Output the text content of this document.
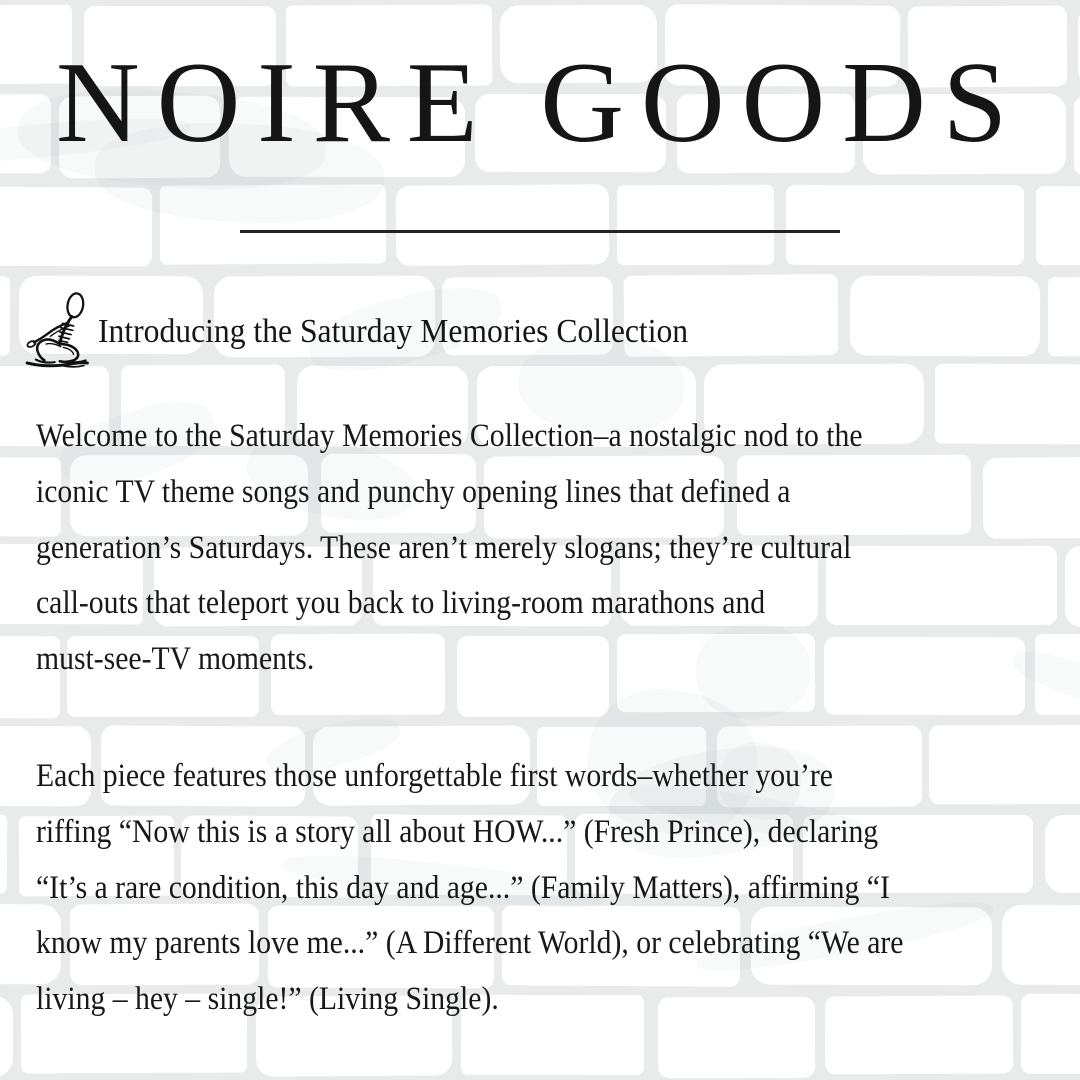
NOIRE GOODS
Introducing the Saturday Memories Collection
Welcome to the Saturday Memories Collection–a nostalgic nod to the
iconic TV theme songs and punchy opening lines that defined a
generation’s Saturdays. These aren’t merely slogans; they’re cultural
call-outs that teleport you back to living-room marathons and
must-see-TV moments.
Each piece features those unforgettable first words–whether you’re
riffing “Now this is a story all about HOW...” (Fresh Prince), declaring
“It’s a rare condition, this day and age...” (Family Matters), affirming “I
know my parents love me...” (A Different World), or celebrating “We are
living – hey – single!” (Living Single).
